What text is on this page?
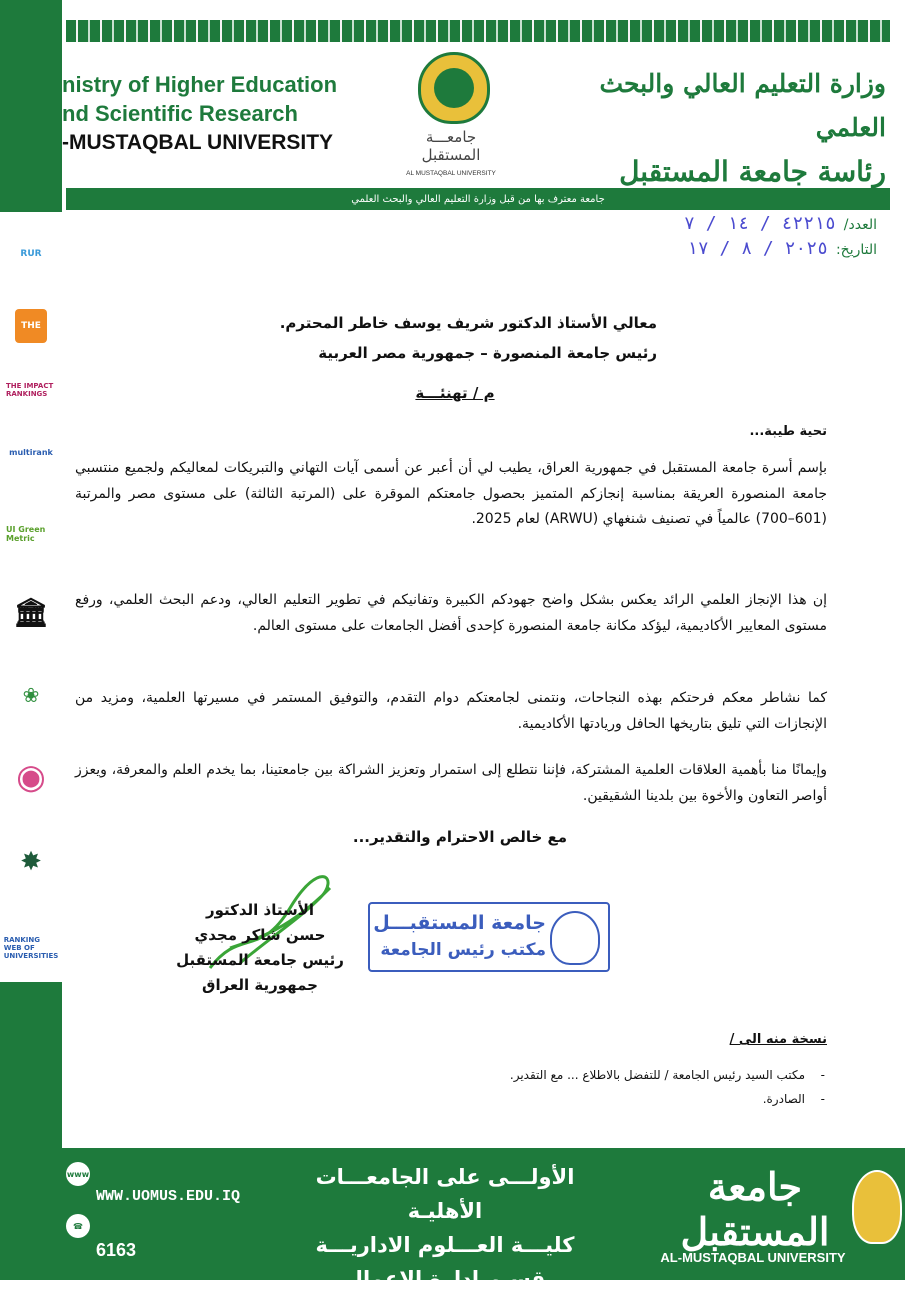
RUR
THE
THE IMPACT RANKINGS
multirank
UI Green Metric
🏛
❀
◉
✸
RANKING WEB OF UNIVERSITIES
nistry of Higher Education
nd Scientific Research
-MUSTAQBAL UNIVERSITY	جامعـــة
المستقبل
AL MUSTAQBAL UNIVERSITY
وزارة التعليم العالي والبحث العلمي
رئاسة جامعة المستقبل
جامعة معترف بها من قبل وزارة التعليم العالي والبحث العلمي
العدد/٤٢٢١٥ / ١٤ / ٧
التاريخ:٢٠٢٥ / ٨ / ١٧
معالي الأستاذ الدكتور شريف يوسف خاطر المحترم.
رئيس جامعة المنصورة – جمهورية مصر العربية
م / تهنئـــة
تحية طيبة...
بإسم أسرة جامعة المستقبل في جمهورية العراق، يطيب لي أن أعبر عن أسمى آيات التهاني والتبريكات لمعاليكم ولجميع منتسبي جامعة المنصورة العريقة بمناسبة إنجازكم المتميز بحصول جامعتكم الموقرة على (المرتبة الثالثة) على مستوى مصر والمرتبة (601–700) عالمياً في تصنيف شنغهاي (ARWU) لعام 2025.
إن هذا الإنجاز العلمي الرائد يعكس بشكل واضح جهودكم الكبيرة وتفانيكم في تطوير التعليم العالي، ودعم البحث العلمي، ورفع مستوى المعايير الأكاديمية، ليؤكد مكانة جامعة المنصورة كإحدى أفضل الجامعات على مستوى العالم.
كما نشاطر معكم فرحتكم بهذه النجاحات، ونتمنى لجامعتكم دوام التقدم، والتوفيق المستمر في مسيرتها العلمية، ومزيد من الإنجازات التي تليق بتاريخها الحافل وريادتها الأكاديمية.
وإيمانًا منا بأهمية العلاقات العلمية المشتركة، فإننا نتطلع إلى استمرار وتعزيز الشراكة بين جامعتينا، بما يخدم العلم والمعرفة، ويعزز أواصر التعاون والأخوة بين بلدينا الشقيقين.
مع خالص الاحترام والتقدير...
الأستاذ الدكتور
حسن شاكر مجدي
رئيس جامعة المستقبل
جمهورية العراق
جامعة المستقبـــل
مكتب رئيس الجامعة
نسخة منه الى /
مكتب السيد رئيس الجامعة / للتفضل بالاطلاع ... مع التقدير. -
الصادرة. -
www
☎
WWW.UOMUS.EDU.IQ
6163
الأولـــى على الجامعـــات الأهليـة
كليـــة العـــلوم الاداريـــة
قسـم ادارة الاعمال
جامعة المستقبل
AL-MUSTAQBAL UNIVERSITY
